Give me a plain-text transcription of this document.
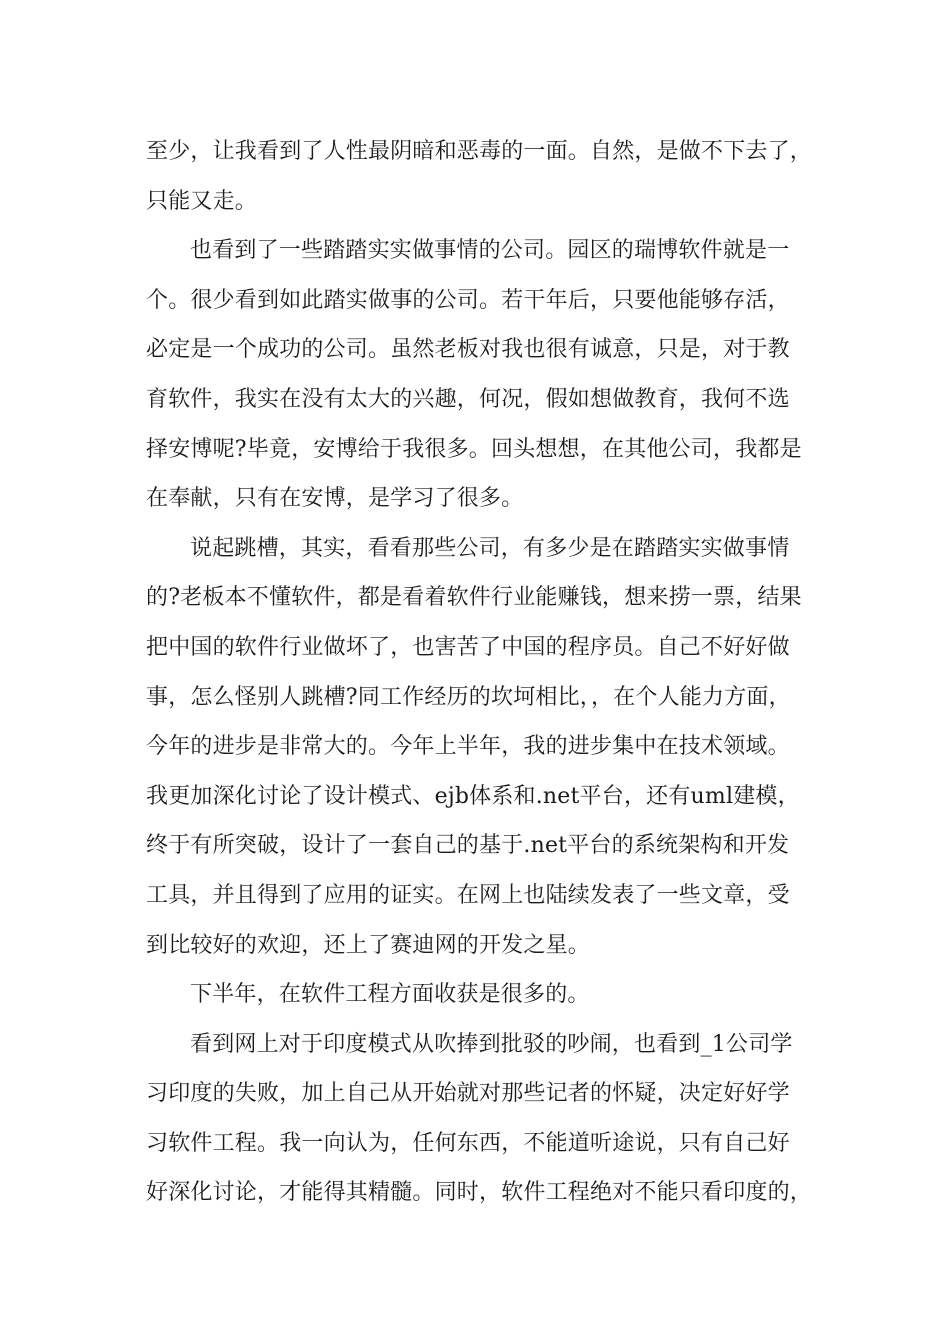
至少，让我看到了人性最阴暗和恶毒的一面。自然，是做不下去了，
只能又走。
也看到了一些踏踏实实做事情的公司。园区的瑞博软件就是一
个。很少看到如此踏实做事的公司。若干年后，只要他能够存活，
必定是一个成功的公司。虽然老板对我也很有诚意，只是，对于教
育软件，我实在没有太大的兴趣，何况，假如想做教育，我何不选
择安博呢?毕竟，安博给于我很多。回头想想，在其他公司，我都是
在奉献，只有在安博，是学习了很多。
说起跳槽，其实，看看那些公司，有多少是在踏踏实实做事情
的?老板本不懂软件，都是看着软件行业能赚钱，想来捞一票，结果
把中国的软件行业做坏了，也害苦了中国的程序员。自己不好好做
事，怎么怪别人跳槽?同工作经历的坎坷相比，，在个人能力方面，
今年的进步是非常大的。今年上半年，我的进步集中在技术领域。
我更加深化讨论了设计模式、ejb体系和.net平台，还有uml建模，
终于有所突破，设计了一套自己的基于.net平台的系统架构和开发
工具，并且得到了应用的证实。在网上也陆续发表了一些文章，受
到比较好的欢迎，还上了赛迪网的开发之星。
下半年，在软件工程方面收获是很多的。
看到网上对于印度模式从吹捧到批驳的吵闹，也看到_1公司学
习印度的失败，加上自己从开始就对那些记者的怀疑，决定好好学
习软件工程。我一向认为，任何东西，不能道听途说，只有自己好
好深化讨论，才能得其精髓。同时，软件工程绝对不能只看印度的，
